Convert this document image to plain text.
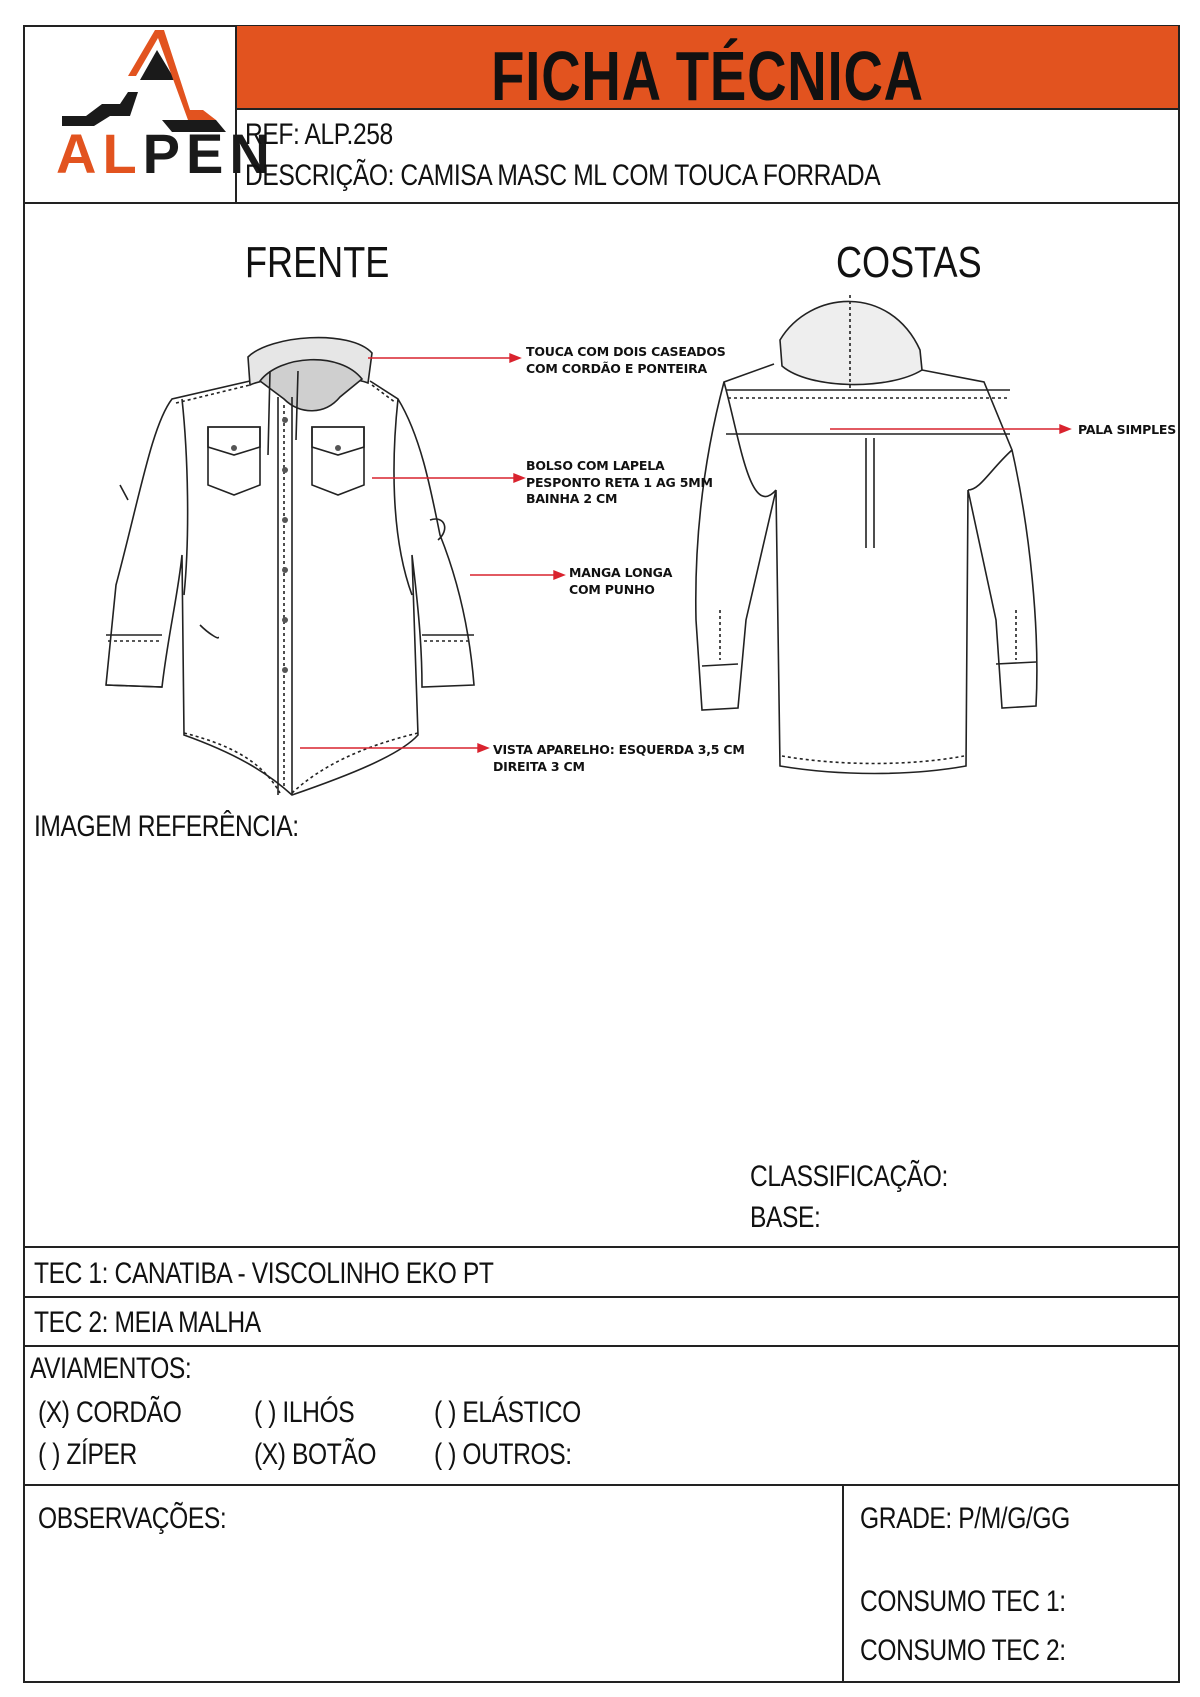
FICHA TÉCNICA
ALPEN
REF: ALP.258
DESCRIÇÃO: CAMISA MASC ML COM TOUCA FORRADA
FRENTE	COSTAS
TOUCA COM DOIS CASEADOS
COM CORDÃO E PONTEIRA
BOLSO COM LAPELA
PESPONTO RETA 1 AG 5MM
BAINHA 2 CM
MANGA LONGA
COM PUNHO
VISTA APARELHO: ESQUERDA 3,5 CM
DIREITA 3 CM
PALA SIMPLES
IMAGEM REFERÊNCIA:
CLASSIFICAÇÃO:
BASE:
TEC 1: CANATIBA - VISCOLINHO EKO PT
TEC 2: MEIA MALHA
AVIAMENTOS:
(X) CORDÃO ( ) ILHÓS	( ) ELÁSTICO
( ) ZÍPER	(X) BOTÃO ( ) OUTROS:
OBSERVAÇÕES:	GRADE: P/M/G/GG
CONSUMO TEC 1:
CONSUMO TEC 2:
